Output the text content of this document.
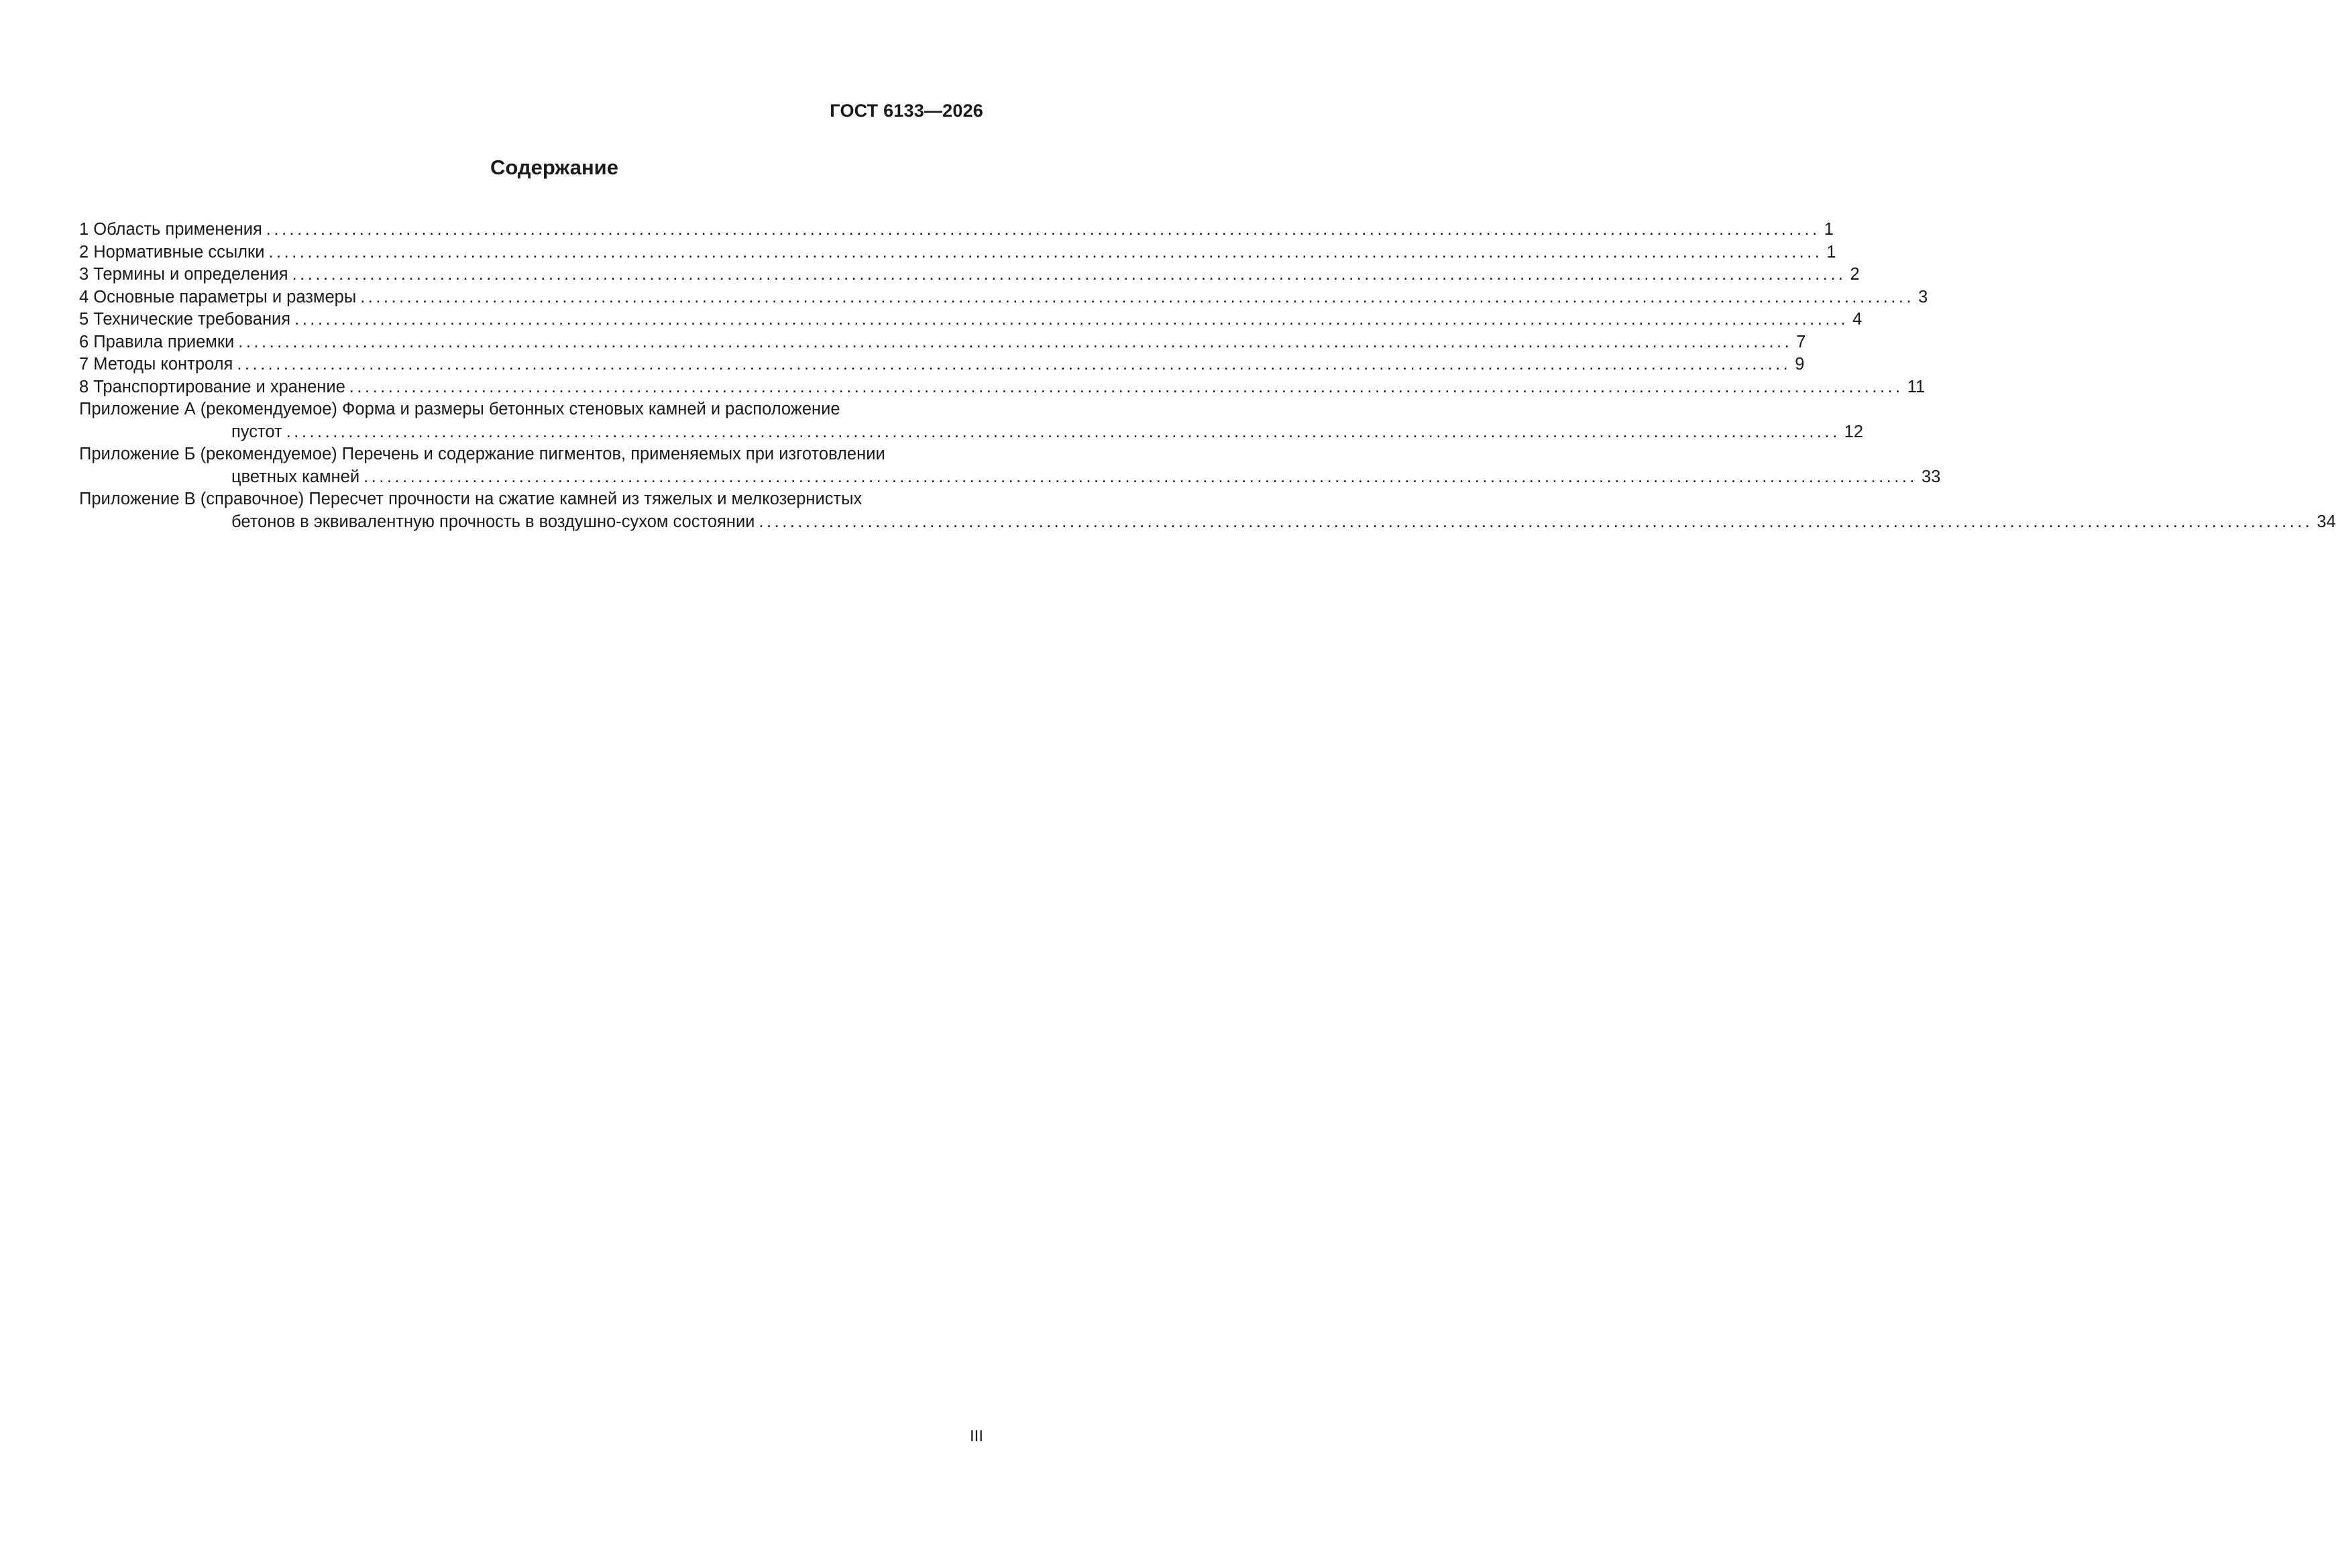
ГОСТ 6133—2026
Содержание
1 Область применения ........................................................................................................................................................................................................ 1
2 Нормативные ссылки ........................................................................................................................................................................................................ 1
3 Термины и определения ........................................................................................................................................................................................................ 2
4 Основные параметры и размеры ........................................................................................................................................................................................................ 3
5 Технические требования ........................................................................................................................................................................................................ 4
6 Правила приемки ........................................................................................................................................................................................................ 7
7 Методы контроля ........................................................................................................................................................................................................ 9
8 Транспортирование и хранение ........................................................................................................................................................................................................ 11
Приложение А (рекомендуемое) Форма и размеры бетонных стеновых камней и расположение
пустот ........................................................................................................................................................................................................ 12
Приложение Б (рекомендуемое) Перечень и содержание пигментов, применяемых при изготовлении
цветных камней ........................................................................................................................................................................................................ 33
Приложение В (справочное) Пересчет прочности на сжатие камней из тяжелых и мелкозернистых
бетонов в эквивалентную прочность в воздушно-сухом состоянии ........................................................................................................................................................................................................ 34
III
